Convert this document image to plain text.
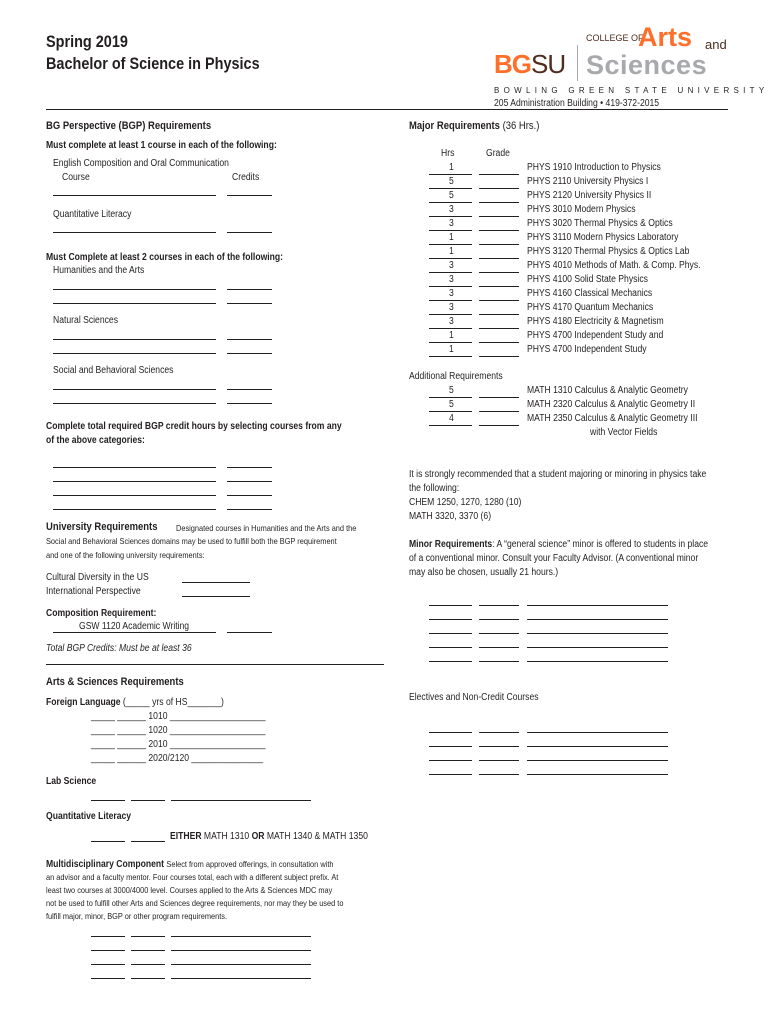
Spring 2019
Bachelor of Science in Physics	BG SU
COLLEGE OF
Arts and
Sciences
BOWLING GREEN STATE UNIVERSITY
205 Administration Building • 419-372-2015
BG Perspective (BGP) Requirements
Must complete at least 1 course in each of the following:
English Composition and Oral Communication
Course	Credits
Quantitative Literacy
Must Complete at least 2 courses in each of the following:
Humanities and the Arts
Natural Sciences
Social and Behavioral Sciences
Complete total required BGP credit hours by selecting courses from any
of the above categories:
University Requirements Designated courses in Humanities and the Arts and the
Social and Behavioral Sciences domains may be used to fulfill both the BGP requirement
and one of the following university requirements:
Cultural Diversity in the US
International Perspective
Composition Requirement:
GSW 1120 Academic Writing
Total BGP Credits: Must be at least 36
Arts & Sciences Requirements
Foreign Language (_____ yrs of HS_______)
_____ ______ 1010 ____________________
_____ ______ 1020 ____________________
_____ ______ 2010 ____________________
_____ ______ 2020/2120 _______________
Lab Science
Quantitative Literacy
EITHER MATH 1310 OR MATH 1340 & MATH 1350
Multidisciplinary Component Select from approved offerings, in consultation with
an advisor and a faculty mentor. Four courses total, each with a different subject prefix. At
least two courses at 3000/4000 level. Courses applied to the Arts & Sciences MDC may
not be used to fulfill other Arts and Sciences degree requirements, nor may they be used to
fulfill major, minor, BGP or other program requirements.
Major Requirements (36 Hrs.)
Hrs	Grade
1	PHYS 1910 Introduction to Physics
5	PHYS 2110 University Physics I
5	PHYS 2120 University Physics II
3	PHYS 3010 Modern Physics
3	PHYS 3020 Thermal Physics & Optics
1	PHYS 3110 Modern Physics Laboratory
1	PHYS 3120 Thermal Physics & Optics Lab
3	PHYS 4010 Methods of Math. & Comp. Phys.
3	PHYS 4100 Solid State Physics
3	PHYS 4160 Classical Mechanics
3	PHYS 4170 Quantum Mechanics
3	PHYS 4180 Electricity & Magnetism
1	PHYS 4700 Independent Study and
1	PHYS 4700 Independent Study
Additional Requirements
5	MATH 1310 Calculus & Analytic Geometry
5	MATH 2320 Calculus & Analytic Geometry II
4	MATH 2350 Calculus & Analytic Geometry III
with Vector Fields
It is strongly recommended that a student majoring or minoring in physics take
the following:
CHEM 1250, 1270, 1280 (10)
MATH 3320, 3370 (6)
Minor Requirements: A “general science” minor is offered to students in place
of a conventional minor. Consult your Faculty Advisor. (A conventional minor
may also be chosen, usually 21 hours.)
Electives and Non-Credit Courses
